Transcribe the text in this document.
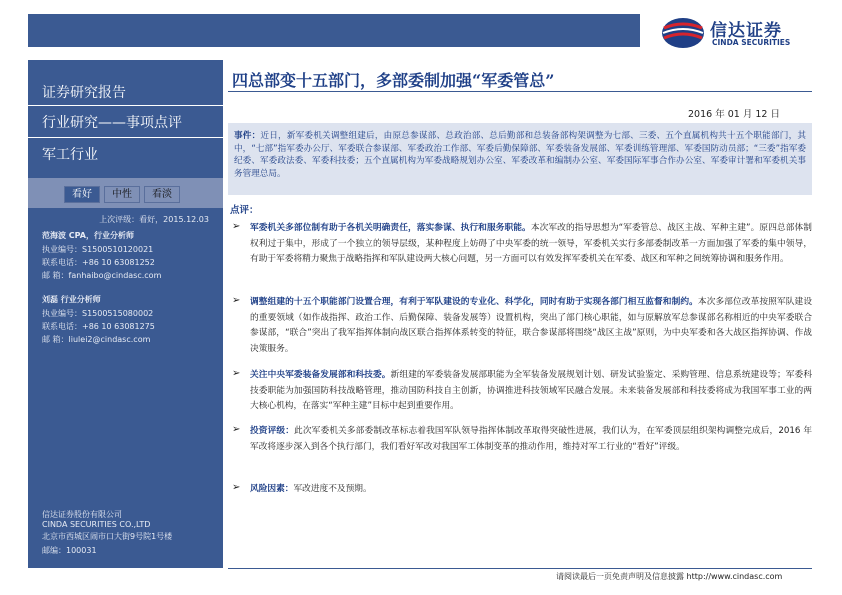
信达证券
CINDA SECURITIES
证券研究报告
行业研究——事项点评
军工行业
看好	中性	看淡
上次评级：看好，2015.12.03
范海波 CPA，行业分析师
执业编号：S1500510120021
联系电话：+86 10 63081252
邮 箱：fanhaibo@cindasc.com
刘磊 行业分析师
执业编号：S1500515080002
联系电话：+86 10 63081275
邮 箱：liulei2@cindasc.com
信达证券股份有限公司
CINDA SECURITIES CO.,LTD
北京市西城区闹市口大街9号院1号楼
邮编：100031
四总部变十五部门，多部委制加强“军委管总”
2016 年 01 月 12 日
事件：近日，新军委机关调整组建后，由原总参谋部、总政治部、总后勤部和总装备部构架调整为七部、三委、五个直属机构共十五个职能部门，其中，“七部”指军委办公厅、军委联合参谋部、军委政治工作部、军委后勤保障部、军委装备发展部、军委训练管理部、军委国防动员部；“三委”指军委纪委、军委政法委、军委科技委；五个直属机构为军委战略规划办公室、军委改革和编制办公室、军委国际军事合作办公室、军委审计署和军委机关事务管理总局。
点评：
➢ 军委机关多部位制有助于各机关明确责任，落实参谋、执行和服务职能。本次军改的指导思想为“军委管总、战区主战、军种主建”。原四总部体制权利过于集中，形成了一个独立的领导层级，某种程度上妨碍了中央军委的统一领导，军委机关实行多部委制改革一方面加强了军委的集中领导，有助于军委将精力聚焦于战略指挥和军队建设两大核心问题，另一方面可以有效发挥军委机关在军委、战区和军种之间统筹协调和服务作用。
➢ 调整组建的十五个职能部门设置合理，有利于军队建设的专业化、科学化，同时有助于实现各部门相互监督和制约。本次多部位改革按照军队建设的重要领域（如作战指挥、政治工作、后勤保障、装备发展等）设置机构，突出了部门核心职能，如与原解放军总参谋部名称相近的中央军委联合参谋部，“联合”突出了我军指挥体制向战区联合指挥体系转变的特征，联合参谋部将围绕“战区主战”原则，为中央军委和各大战区指挥协调、作战决策服务。
➢ 关注中央军委装备发展部和科技委。新组建的军委装备发展部职能为全军装备发展规划计划、研发试验鉴定、采购管理、信息系统建设等；军委科技委职能为加强国防科技战略管理，推动国防科技自主创新，协调推进科技领域军民融合发展。未来装备发展部和科技委将成为我国军事工业的两大核心机构，在落实“军种主建”目标中起到重要作用。
➢ 投资评级：此次军委机关多部委制改革标志着我国军队领导指挥体制改革取得突破性进展，我们认为，在军委顶层组织架构调整完成后，2016 年军改将逐步深入到各个执行部门，我们看好军改对我国军工体制变革的推动作用，维持对军工行业的“看好”评级。
➢ 风险因素：军改进度不及预期。
请阅读最后一页免责声明及信息披露 http://www.cindasc.com
